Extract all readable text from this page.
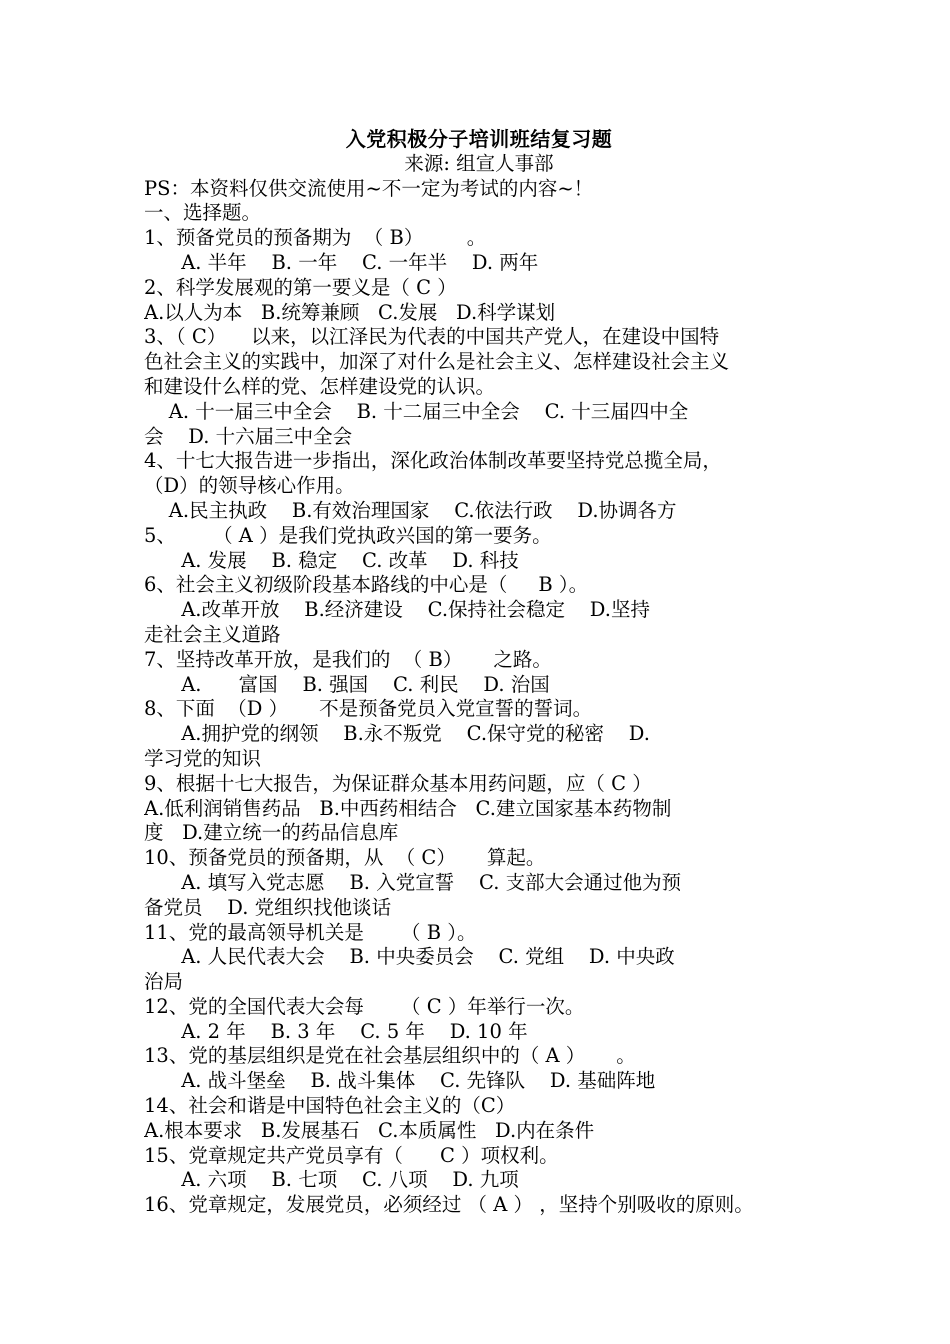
入党积极分子培训班结复习题
来源: 组宣人事部
PS：本资料仅供交流使用~不一定为考试的内容~！
一、选择题。
1、预备党员的预备期为  （ B）       。
A. 半年    B. 一年    C. 一年半    D. 两年
2、科学发展观的第一要义是（ C ）
A.以人为本   B.统筹兼顾   C.发展   D.科学谋划
3、（ C）    以来，以江泽民为代表的中国共产党人，在建设中国特
色社会主义的实践中，加深了对什么是社会主义、怎样建设社会主义
和建设什么样的党、怎样建设党的认识。
A. 十一届三中全会    B. 十二届三中全会    C. 十三届四中全
会    D. 十六届三中全会
4、十七大报告进一步指出，深化政治体制改革要坚持党总揽全局，
（D）的领导核心作用。
A.民主执政    B.有效治理国家    C.依法行政    D.协调各方
5、      （ A ）是我们党执政兴国的第一要务。
A. 发展    B. 稳定    C. 改革    D. 科技
6、社会主义初级阶段基本路线的中心是（     B ）。
A.改革开放    B.经济建设    C.保持社会稳定    D.坚持
走社会主义道路
7、坚持改革开放，是我们的  （ B）     之路。
A.      富国    B. 强国    C. 利民    D. 治国
8、下面  （D ）     不是预备党员入党宣誓的誓词。
A.拥护党的纲领    B.永不叛党    C.保守党的秘密    D.
学习党的知识
9、根据十七大报告，为保证群众基本用药问题，应（ C ）
A.低利润销售药品   B.中西药相结合   C.建立国家基本药物制
度   D.建立统一的药品信息库
10、预备党员的预备期，从  （ C）     算起。
A. 填写入党志愿    B. 入党宣誓    C. 支部大会通过他为预
备党员    D. 党组织找他谈话
11、党的最高领导机关是      （ B ）。
A. 人民代表大会    B. 中央委员会    C. 党组    D. 中央政
治局
12、党的全国代表大会每      （ C ）年举行一次。
A. 2 年    B. 3 年    C. 5 年    D. 10 年
13、党的基层组织是党在社会基层组织中的（ A ）     。
A. 战斗堡垒    B. 战斗集体    C. 先锋队    D. 基础阵地
14、社会和谐是中国特色社会主义的（C）
A.根本要求   B.发展基石   C.本质属性   D.内在条件
15、党章规定共产党员享有（      C ）项权利。
A. 六项    B. 七项    C. 八项    D. 九项
16、党章规定，发展党员，必须经过 （ A ） ，坚持个别吸收的原则。
